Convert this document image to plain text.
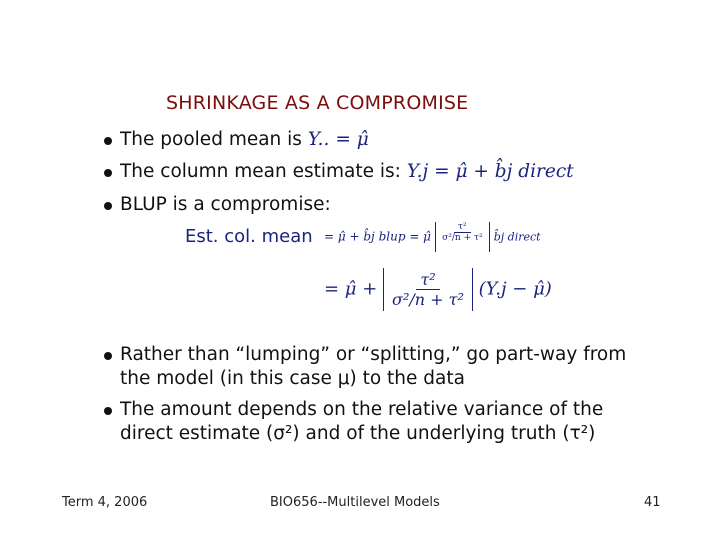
SHRINKAGE AS A COMPROMISE
The pooled mean is Y.. = μ̂
The column mean estimate is: Y.j = μ̂ + b̂j direct
BLUP is a compromise:
Est. col. mean = μ̂ + b̂j blup = μ̂ $\frac{\text{τ²}}{\text{σ²/n + τ²}}$ b̂j direct
= μ̂ + $\frac{\text{τ²}}{\text{σ²/n + τ²}} (Y.j$ − μ̂)
Rather than “lumping” or “splitting,” go part-way from
the model (in this case μ) to the data
The amount depends on the relative variance of the
direct estimate (σ²) and of the underlying truth (τ²)
Term 4, 2006	BIO656--Multilevel Models	41
